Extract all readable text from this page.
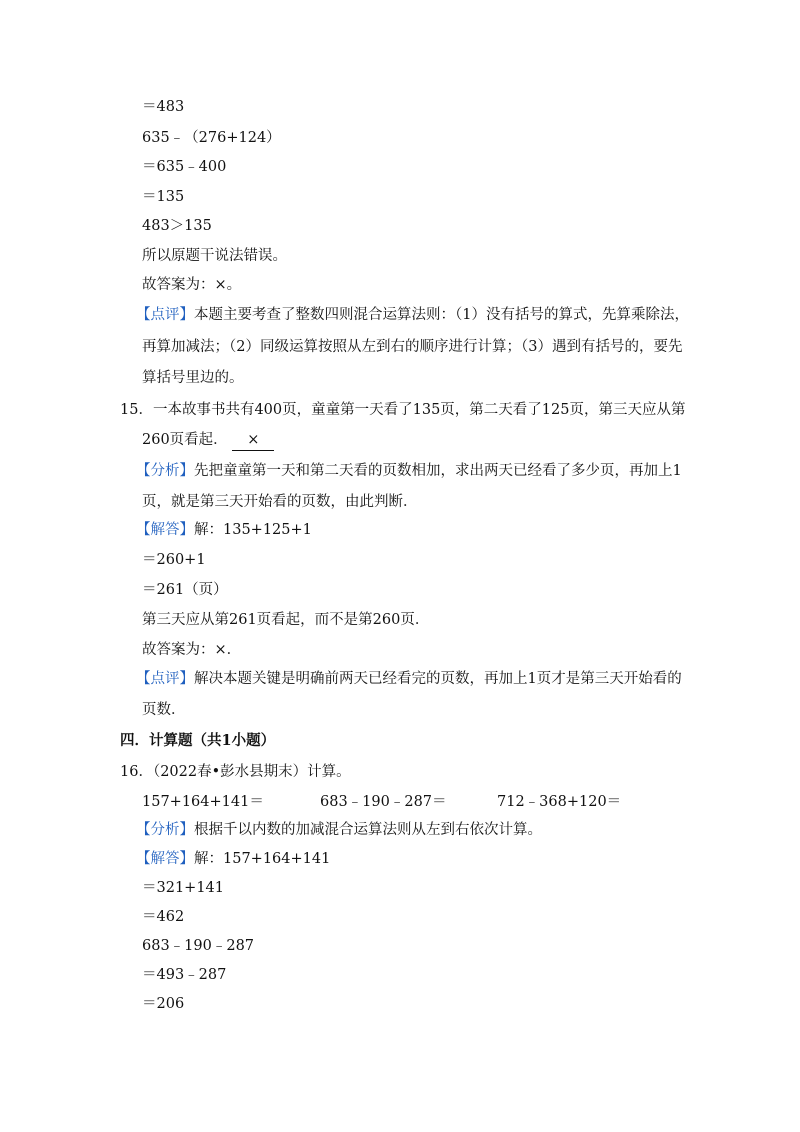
＝483
635﹣（276+124）
＝635﹣400
＝135
483＞135
所以原题干说法错误。
故答案为：×。
【点评】本题主要考查了整数四则混合运算法则：（1）没有括号的算式，先算乘除法，
再算加减法；（2）同级运算按照从左到右的顺序进行计算；（3）遇到有括号的，要先
算括号里边的。
15．一本故事书共有400页，童童第一天看了135页，第二天看了125页，第三天应从第
260页看起． ×
【分析】先把童童第一天和第二天看的页数相加，求出两天已经看了多少页，再加上1
页，就是第三天开始看的页数，由此判断．
【解答】解：135+125+1
＝260+1
＝261（页）
第三天应从第261页看起，而不是第260页．
故答案为：×．
【点评】解决本题关键是明确前两天已经看完的页数，再加上1页才是第三天开始看的
页数．
四．计算题（共1小题）
16．（2022春•彭水县期末）计算。
157+164+141＝	683﹣190﹣287＝	712﹣368+120＝
【分析】根据千以内数的加减混合运算法则从左到右依次计算。
【解答】解：157+164+141
＝321+141
＝462
683﹣190﹣287
＝493﹣287
＝206
